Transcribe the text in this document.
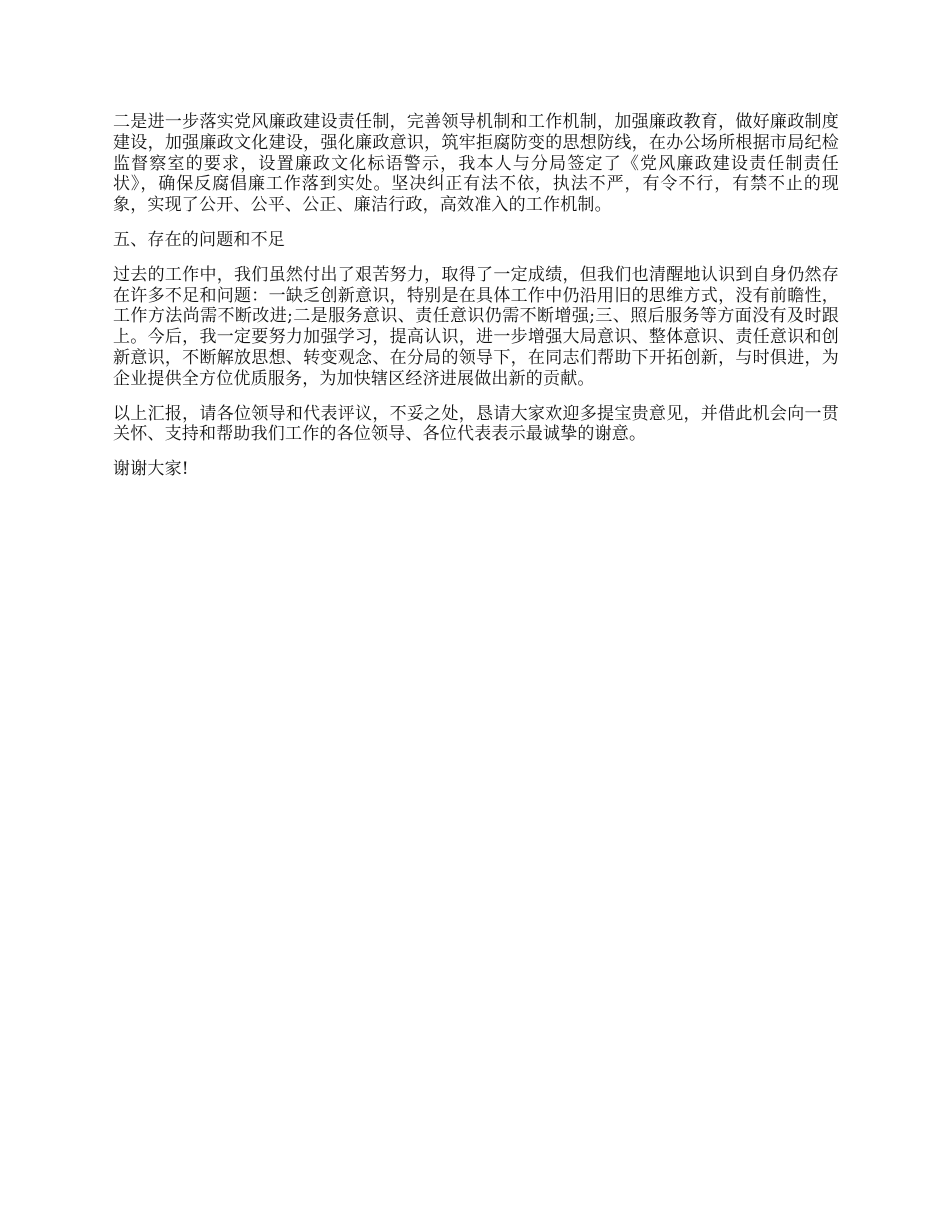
二是进一步落实党风廉政建设责任制，完善领导机制和工作机制，加强廉政教育，做好廉政制度建设，加强廉政文化建设，强化廉政意识，筑牢拒腐防变的思想防线，在办公场所根据市局纪检监督察室的要求，设置廉政文化标语警示，我本人与分局签定了《党风廉政建设责任制责任状》，确保反腐倡廉工作落到实处。坚决纠正有法不依，执法不严，有令不行，有禁不止的现象，实现了公开、公平、公正、廉洁行政，高效准入的工作机制。

五、存在的问题和不足

过去的工作中，我们虽然付出了艰苦努力，取得了一定成绩，但我们也清醒地认识到自身仍然存在许多不足和问题：一缺乏创新意识，特别是在具体工作中仍沿用旧的思维方式，没有前瞻性，工作方法尚需不断改进;二是服务意识、责任意识仍需不断增强;三、照后服务等方面没有及时跟上。今后，我一定要努力加强学习，提高认识，进一步增强大局意识、整体意识、责任意识和创新意识，不断解放思想、转变观念、在分局的领导下，在同志们帮助下开拓创新，与时俱进，为企业提供全方位优质服务，为加快辖区经济进展做出新的贡献。

以上汇报，请各位领导和代表评议，不妥之处，恳请大家欢迎多提宝贵意见，并借此机会向一贯关怀、支持和帮助我们工作的各位领导、各位代表表示最诚挚的谢意。

谢谢大家!
